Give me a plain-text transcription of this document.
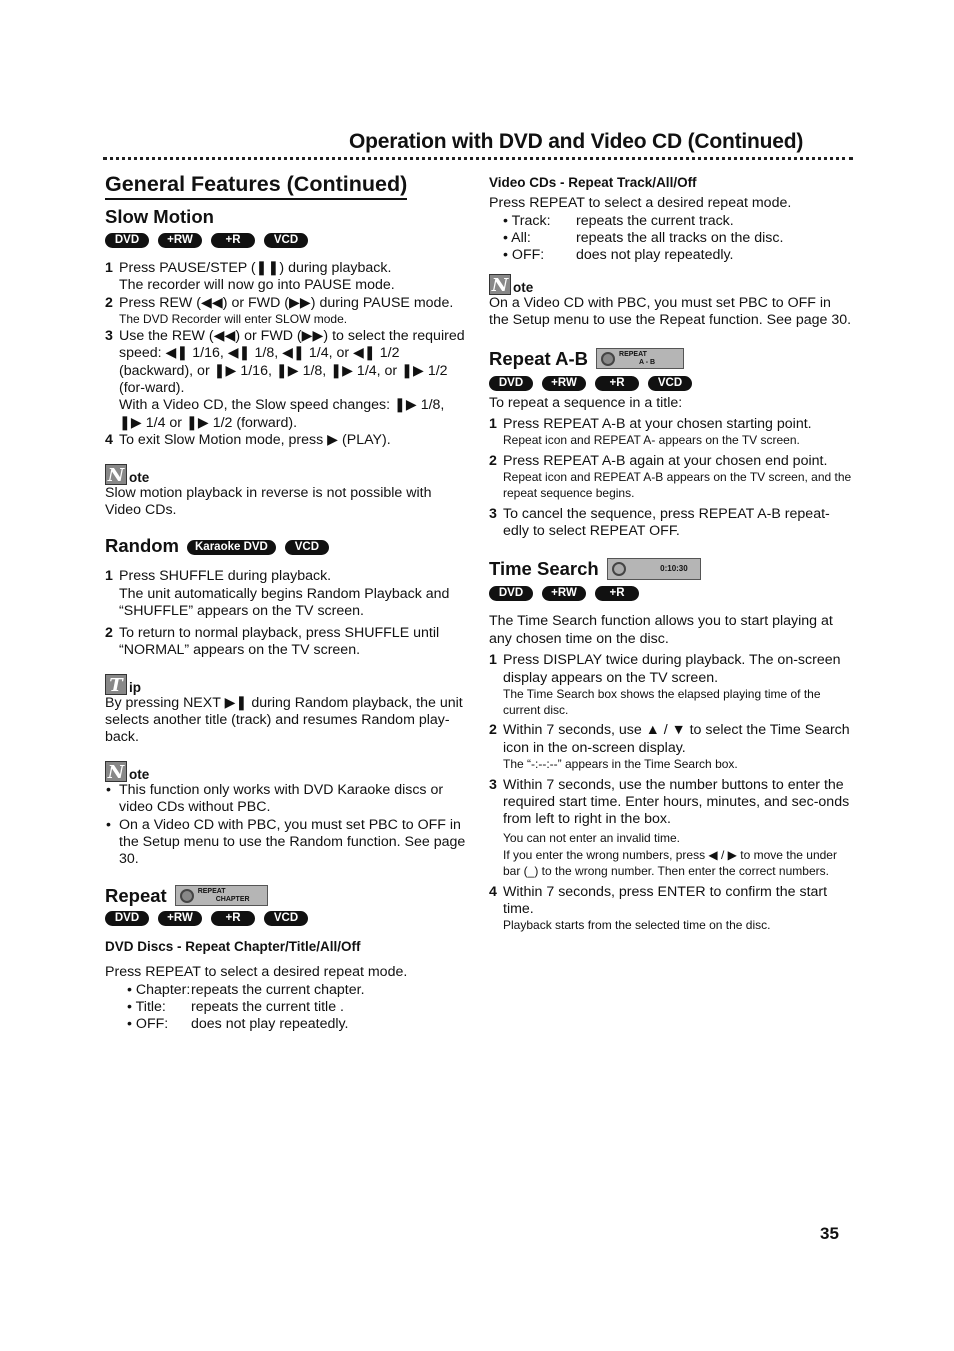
Operation with DVD and Video CD (Continued)
General Features (Continued)
Slow Motion
DVD	+RW	+R	VCD
1 Press PAUSE/STEP (❚❚) during playback.
The recorder will now go into PAUSE mode.
2 Press REW (◀◀) or FWD (▶▶) during PAUSE mode.
The DVD Recorder will enter SLOW mode.
3 Use the REW (◀◀) or FWD (▶▶) to select the required speed: ◀❚ 1/16, ◀❚ 1/8, ◀❚ 1/4, or ◀❚ 1/2 (backward), or ❚▶ 1/16, ❚▶ 1/8, ❚▶ 1/4, or ❚▶ 1/2 (for-ward).
With a Video CD, the Slow speed changes: ❚▶ 1/8, ❚▶ 1/4 or ❚▶ 1/2 (forward).
4 To exit Slow Motion mode, press ▶ (PLAY).
N ote

Slow motion playback in reverse is not possible with Video CDs.

Random	Karaoke DVD	VCD
1 Press SHUFFLE during playback.
The unit automatically begins Random Playback and “SHUFFLE” appears on the TV screen.
2 To return to normal playback, press SHUFFLE until “NORMAL” appears on the TV screen.
T ip

By pressing NEXT ▶❚ during Random playback, the unit selects another title (track) and resumes Random play-back.

N ote
• This function only works with DVD Karaoke discs or video CDs without PBC.
• On a Video CD with PBC, you must set PBC to OFF in the Setup menu to use the Random function. See page 30.
Repeat	REPEAT
CHAPTER
DVD	+RW	+R	VCD

DVD Discs - Repeat Chapter/Title/All/Off

Press REPEAT to select a desired repeat mode.

• Chapter: repeats the current chapter.
• Title:	repeats the current title .
• OFF:	does not play repeatedly.

Video CDs - Repeat Track/All/Off

Press REPEAT to select a desired repeat mode.

• Track:	repeats the current track.
• All:	repeats the all tracks on the disc.
• OFF:	does not play repeatedly.
N ote

On a Video CD with PBC, you must set PBC to OFF in the Setup menu to use the Repeat function. See page 30.

Repeat A-B	REPEAT
A - B
DVD	+RW	+R	VCD

To repeat a sequence in a title:

1 Press REPEAT A-B at your chosen starting point.
Repeat icon and REPEAT A- appears on the TV screen.
2 Press REPEAT A-B again at your chosen end point.
Repeat icon and REPEAT A-B appears on the TV screen, and the repeat sequence begins.
3 To cancel the sequence, press REPEAT A-B repeat-edly to select REPEAT OFF.
Time Search	0:10:30
DVD	+RW	+R

The Time Search function allows you to start playing at any chosen time on the disc.

1 Press DISPLAY twice during playback. The on-screen display appears on the TV screen.
The Time Search box shows the elapsed playing time of the current disc.
2 Within 7 seconds, use ▲ / ▼ to select the Time Search icon in the on-screen display.
The “-:--:--” appears in the Time Search box.
3 Within 7 seconds, use the number buttons to enter the required start time. Enter hours, minutes, and sec-onds from left to right in the box.
You can not enter an invalid time.
If you enter the wrong numbers, press ◀ / ▶ to move the under bar (_) to the wrong number. Then enter the correct numbers.
4 Within 7 seconds, press ENTER to confirm the start time.
Playback starts from the selected time on the disc.
35
